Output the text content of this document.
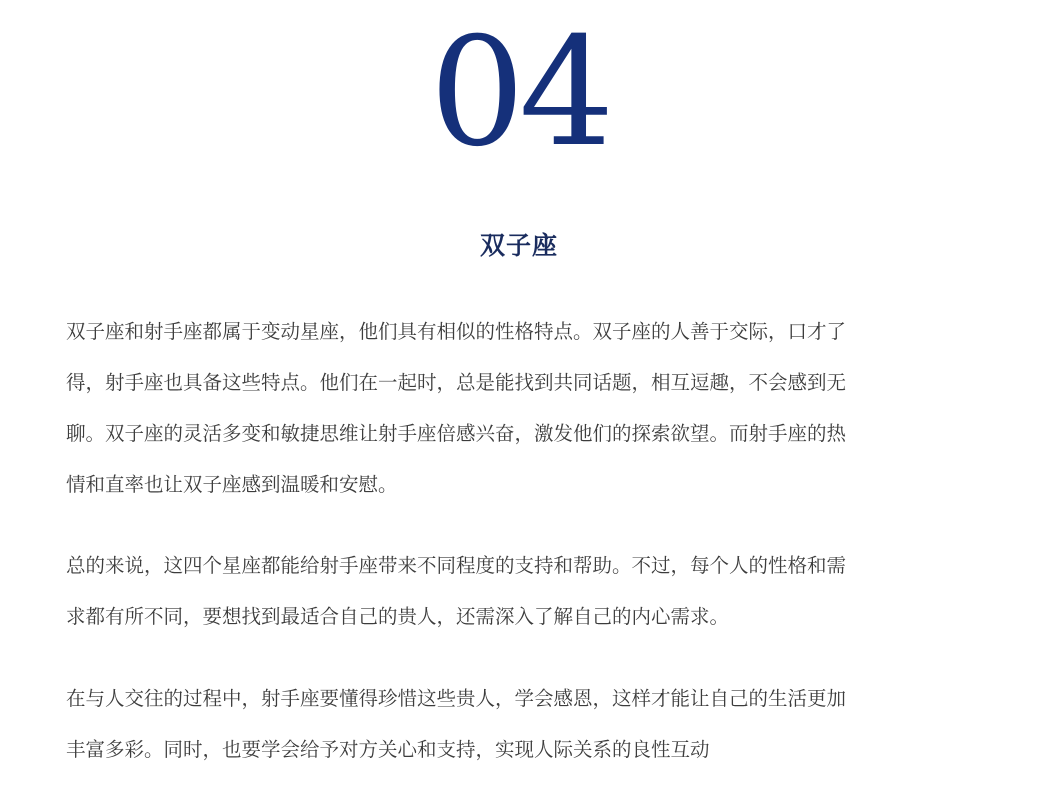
04
双子座

双子座和射手座都属于变动星座，他们具有相似的性格特点。双子座的人善于交际，口才了
得，射手座也具备这些特点。他们在一起时，总是能找到共同话题，相互逗趣，不会感到无
聊。双子座的灵活多变和敏捷思维让射手座倍感兴奋，激发他们的探索欲望。而射手座的热
情和直率也让双子座感到温暖和安慰。

总的来说，这四个星座都能给射手座带来不同程度的支持和帮助。不过，每个人的性格和需
求都有所不同，要想找到最适合自己的贵人，还需深入了解自己的内心需求。

在与人交往的过程中，射手座要懂得珍惜这些贵人，学会感恩，这样才能让自己的生活更加
丰富多彩。同时，也要学会给予对方关心和支持，实现人际关系的良性互动
